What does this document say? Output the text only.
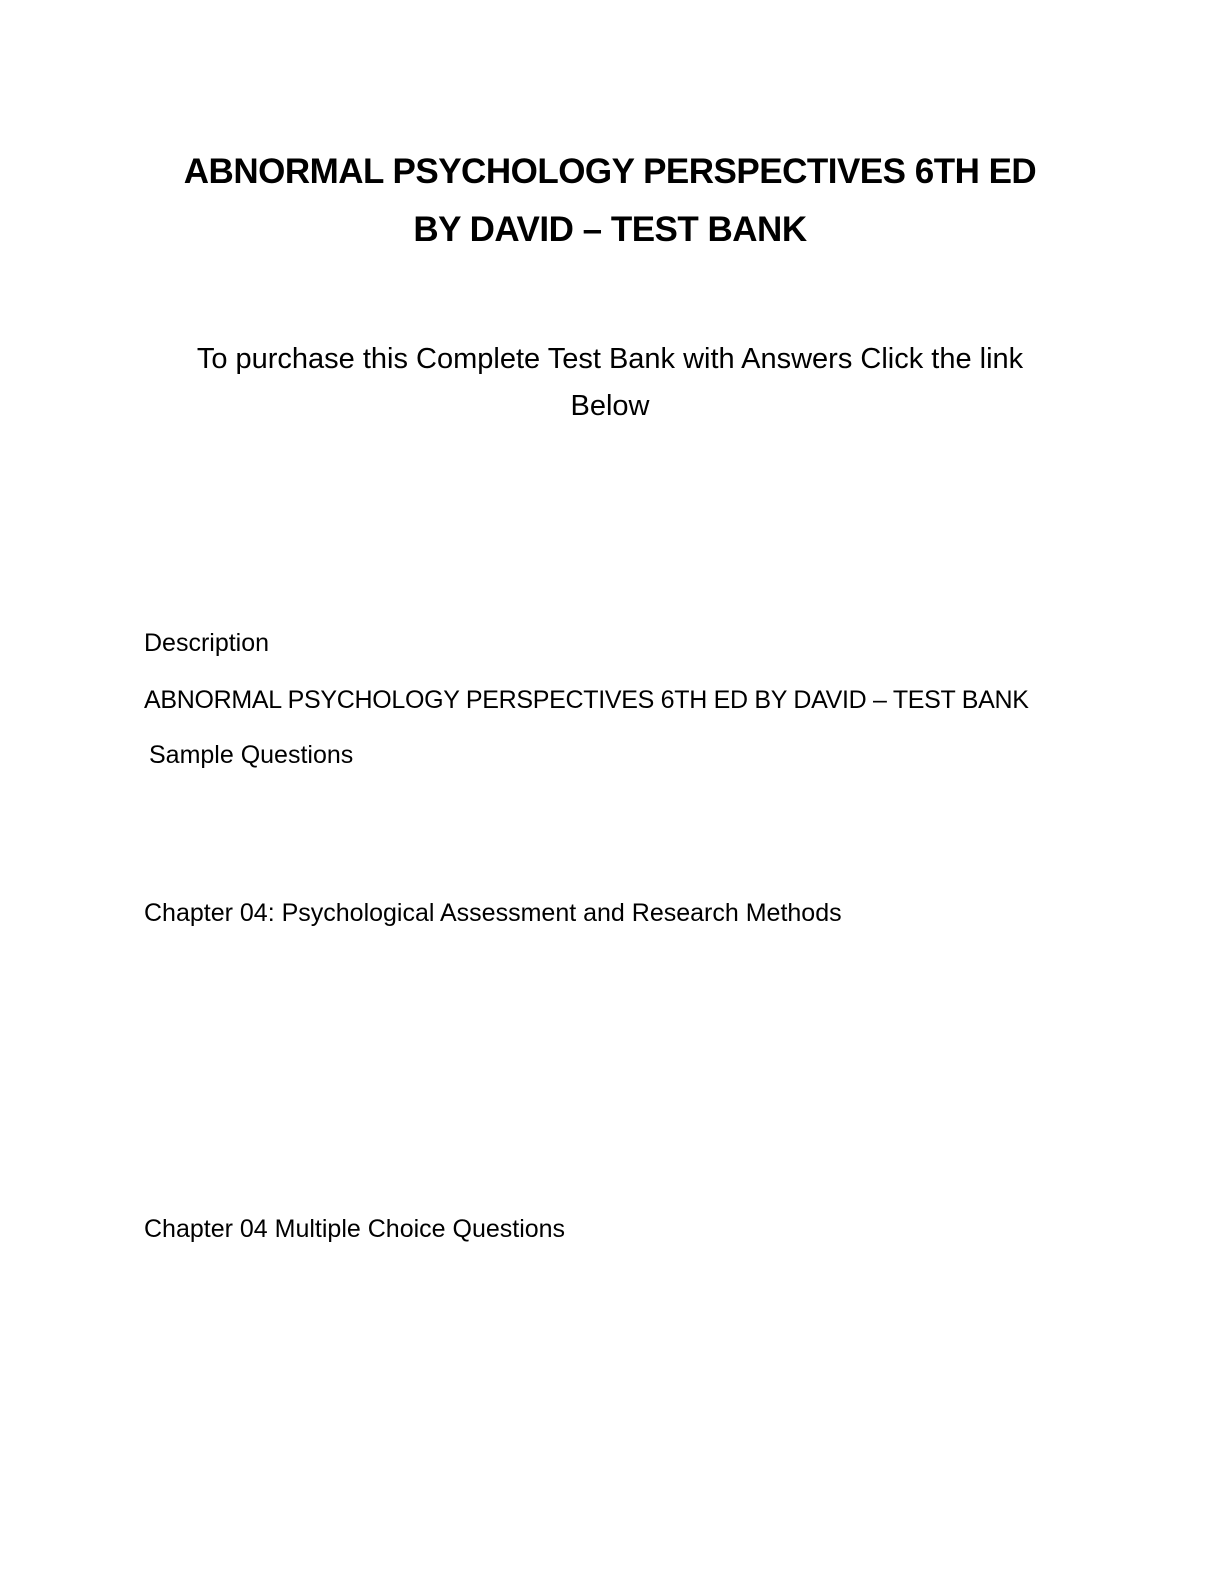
ABNORMAL PSYCHOLOGY PERSPECTIVES 6TH ED
BY DAVID – TEST BANK

To purchase this Complete Test Bank with Answers Click the link

Below

Description

ABNORMAL PSYCHOLOGY PERSPECTIVES 6TH ED BY DAVID – TEST BANK

Sample Questions

Chapter 04: Psychological Assessment and Research Methods

Chapter 04 Multiple Choice Questions
